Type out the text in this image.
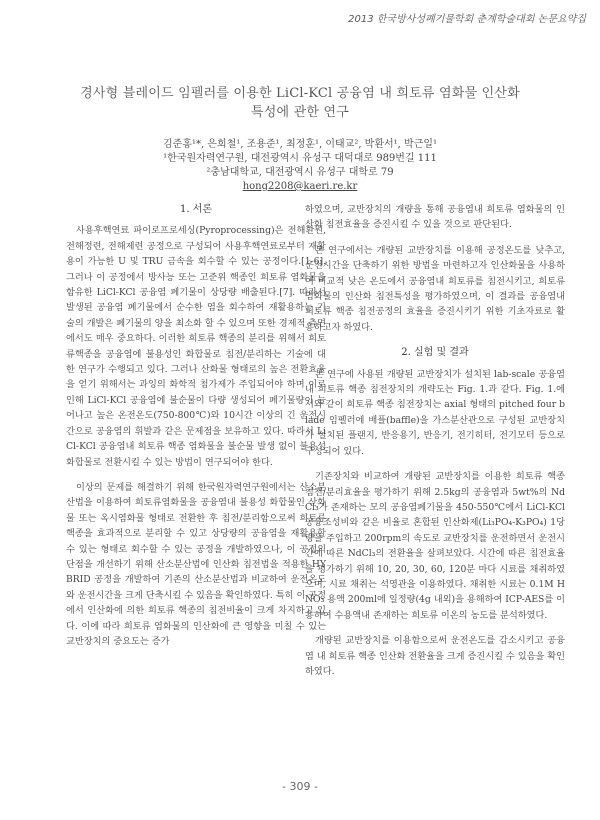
2013 한국방사성폐기물학회 춘계학술대회 논문요약집
경사형 블레이드 임펠러를 이용한 LiCl-KCl 공융염 내 희토류 염화물 인산화
특성에 관한 연구
김준홍¹*, 은희철¹, 조용준¹, 최정훈¹, 이태교², 박환서¹, 박근일¹
¹한국원자력연구원, 대전광역시 유성구 대덕대로 989번길 111
²충남대학교, 대전광역시 유성구 대학로 79
hong2208@kaeri.re.kr
1. 서론

사용후핵연료 파이로프로세싱(Pyroprocessing)은 전해환원, 전해정련, 전해제련 공정으로 구성되어 사용후핵연료로부터 재활용이 가능한 U 및 TRU 금속을 회수할 수 있는 공정이다.[1-6]. 그러나 이 공정에서 방사능 또는 고준위 핵종인 희토류 염화물을 함유한 LiCl-KCl 공융염 폐기물이 상당량 배출된다.[7]. 따라서 발생된 공융염 폐기물에서 순수한 염을 회수하여 재활용하는 기술의 개발은 폐기물의 양을 최소화 할 수 있으며 또한 경제적 측면에서도 매우 중요하다. 이러한 희토류 핵종의 분리를 위해서 희토류핵종을 공융염에 불용성인 화합물로 침전/분리하는 기술에 대한 연구가 수행되고 있다. 그러나 산화물 형태로의 높은 전환효율을 얻기 위해서는 과잉의 화학적 첨가제가 주입되어야 하며 이로 인해 LiCl-KCl 공융염에 불순물이 다량 생성되어 폐기물량이 늘어나고 높은 온전온도(750-800℃)와 10시간 이상의 긴 운전시간으로 공융염의 휘발과 같은 문제점을 보유하고 있다. 따라서 LiCl-KCl 공융염내 희토류 핵종 염화물을 불순물 발생 없이 불용성 화합물로 전환시킬 수 있는 방법이 연구되어야 한다.

이상의 문제를 해결하기 위해 한국원자력연구원에서는 산소분산법을 이용하여 희토류염화물을 공융염내 불용성 화합물인 산화물 또는 옥시염화물 형태로 전환한 후 침전/분리함으로써 희토류 핵종을 효과적으로 분리할 수 있고 상당량의 공융염을 재활용할 수 있는 형태로 회수할 수 있는 공정을 개발하였으나, 이 공정의 단점을 개선하기 위해 산소분산법에 인산화 침전법을 적용한 HYBRID 공정을 개발하여 기존의 산소분산법과 비교하여 운전온도와 운전시간을 크게 단축시킬 수 있음을 확인하였다. 특히 이 공정에서 인산화에 의한 희토류 핵종의 침전비율이 크게 차지하고 있다. 이에 따라 희토류 염화물의 인산화에 큰 영향을 미칠 수 있는 교반장치의 중요도는 증가

하였으며, 교반장치의 개량을 통해 공융염내 희토류 염화물의 인산화 침전효율을 증진시킬 수 있을 것으로 판단된다.

본 연구에서는 개량된 교반장치를 이용해 공정온도를 낮추고, 운전시간을 단축하기 위한 방법을 마련하고자 인산화물을 사용하여 비교적 낮은 온도에서 공융염내 희토류를 침전시키고, 희토류 염화물의 인산화 침전특성을 평가하였으며, 이 결과를 공융염내 희토류 핵종 침전공정의 효율을 증진시키기 위한 기초자료로 활용하고자 하였다.

2. 실험 및 결과

본 연구에 사용된 개량된 교반장치가 설치된 lab-scale 공융염내 희토류 핵종 침전장치의 개략도는 Fig. 1.과 같다. Fig. 1.에서와 같이 희토류 핵종 침전장치는 axial 형태의 pitched four blade 임펠러에 배플(baffle)을 가스분산관으로 구성된 교반장치가 설치된 플랜지, 반응용기, 반응기, 전기히터, 전기모터 등으로 구성되어 있다.

기존장치와 비교하여 개량된 교반장치를 이용한 희토류 핵종 침전/분리효율을 평가하기 위해 2.5kg의 공융염과 5wt%의 NdCl₃가 존재하는 모의 공융염폐기물을 450-550℃에서 LiCl-KCl 공융조성비와 같은 비율로 혼합된 인산화제(Li₃PO₄-K₃PO₄) 1당량을 주입하고 200rpm의 속도로 교반장치를 운전하면서 운전시간에 따른 NdCl₃의 전환율을 살펴보았다. 시간에 따른 침전효율을 평가하기 위해 10, 20, 30, 60, 120분 마다 시료를 채취하였으며, 시료 채취는 석영관을 이용하였다. 채취한 시료는 0.1M HNO₃ 용액 200ml에 일정량(4g 내외)을 용해하여 ICP-AES를 이용하여 수용액내 존재하는 희토류 이온의 농도를 분석하였다.

개량된 교반장치를 이용함으로써 운전온도를 감소시키고 공융염 내 희토류 핵종 인산화 전환율을 크게 증진시킬 수 있음을 확인하였다.

- 309 -
